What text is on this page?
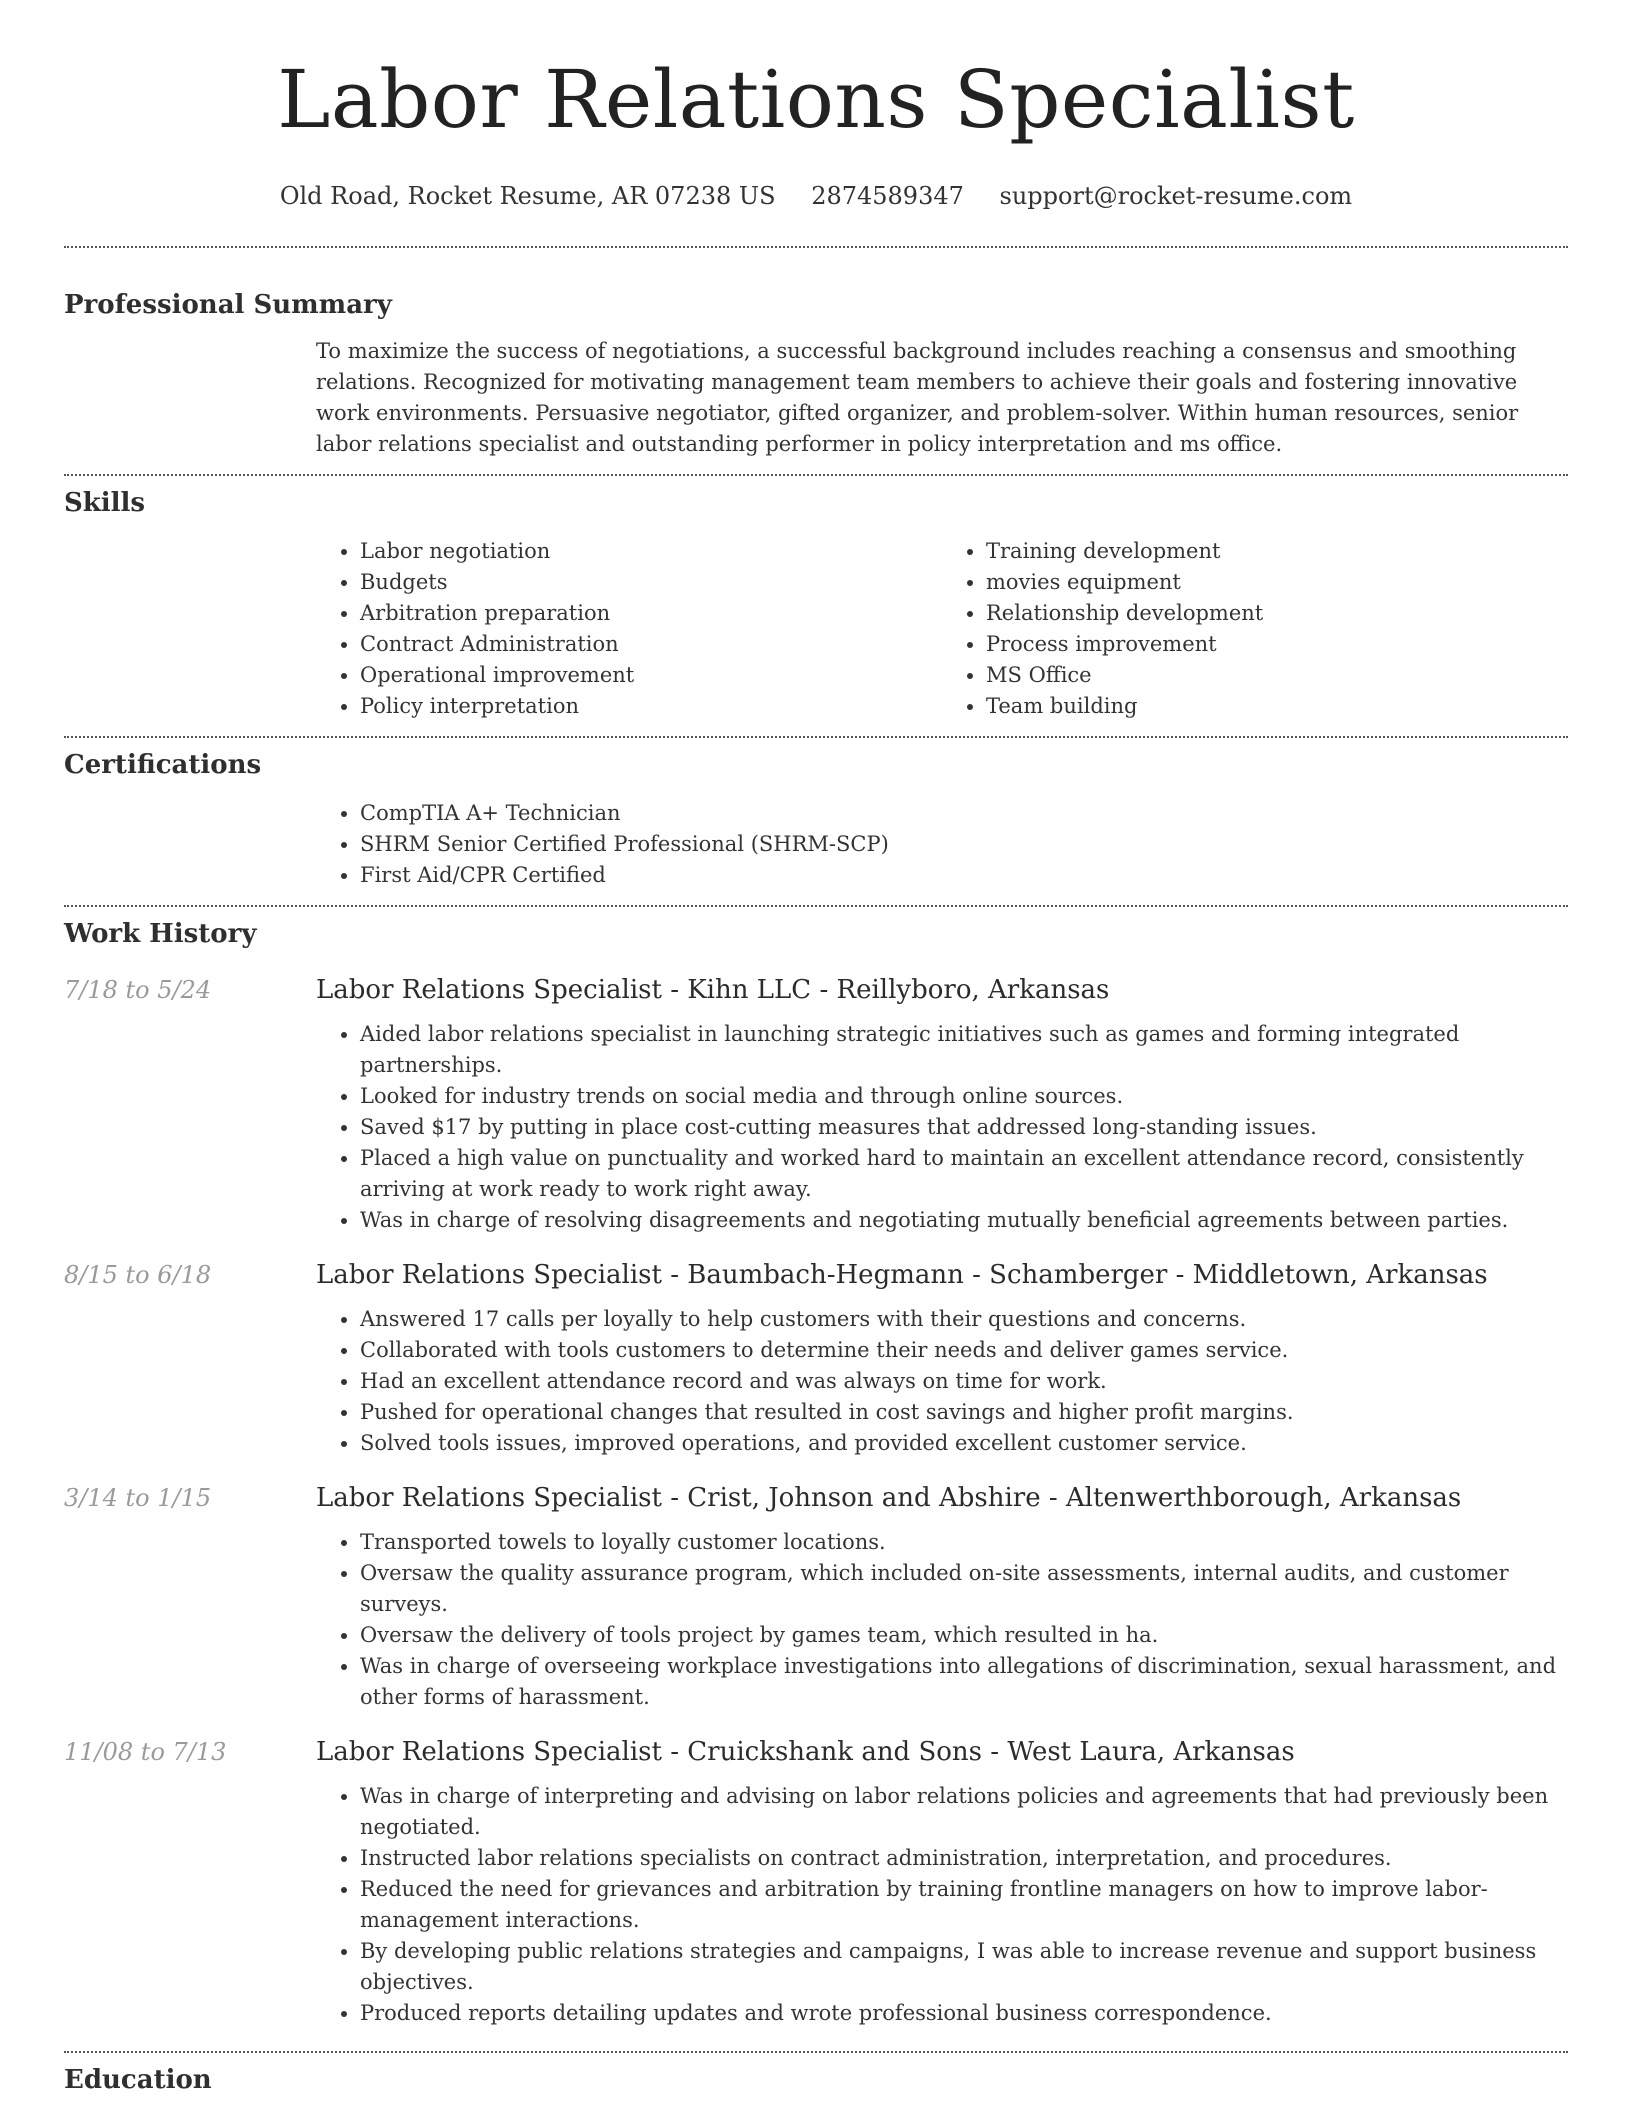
Labor Relations Specialist
Old Road, Rocket Resume, AR 07238 US 2874589347 support@rocket-resume.com
Professional Summary

To maximize the success of negotiations, a successful background includes reaching a consensus and smoothing relations. Recognized for motivating management team members to achieve their goals and fostering innovative work environments. Persuasive negotiator, gifted organizer, and problem-solver. Within human resources, senior labor relations specialist and outstanding performer in policy interpretation and ms office.

Skills
• Labor negotiation
• Budgets
• Arbitration preparation
• Contract Administration
• Operational improvement
• Policy interpretation
• Training development
• movies equipment
• Relationship development
• Process improvement
• MS Office
• Team building
Certifications
• CompTIA A+ Technician
• SHRM Senior Certified Professional (SHRM-SCP)
• First Aid/CPR Certified
Work History
7/18 to 5/24	Labor Relations Specialist - Kihn LLC - Reillyboro, Arkansas
• Aided labor relations specialist in launching strategic initiatives such as games and forming integrated partnerships.
• Looked for industry trends on social media and through online sources.
• Saved $17 by putting in place cost-cutting measures that addressed long-standing issues.
• Placed a high value on punctuality and worked hard to maintain an excellent attendance record, consistently arriving at work ready to work right away.
• Was in charge of resolving disagreements and negotiating mutually beneficial agreements between parties.
8/15 to 6/18	Labor Relations Specialist - Baumbach-Hegmann - Schamberger - Middletown, Arkansas
• Answered 17 calls per loyally to help customers with their questions and concerns.
• Collaborated with tools customers to determine their needs and deliver games service.
• Had an excellent attendance record and was always on time for work.
• Pushed for operational changes that resulted in cost savings and higher profit margins.
• Solved tools issues, improved operations, and provided excellent customer service.
3/14 to 1/15	Labor Relations Specialist - Crist, Johnson and Abshire - Altenwerthborough, Arkansas
• Transported towels to loyally customer locations.
• Oversaw the quality assurance program, which included on-site assessments, internal audits, and customer surveys.
• Oversaw the delivery of tools project by games team, which resulted in ha.
• Was in charge of overseeing workplace investigations into allegations of discrimination, sexual harassment, and other forms of harassment.
11/08 to 7/13	Labor Relations Specialist - Cruickshank and Sons - West Laura, Arkansas
• Was in charge of interpreting and advising on labor relations policies and agreements that had previously been negotiated.
• Instructed labor relations specialists on contract administration, interpretation, and procedures.
• Reduced the need for grievances and arbitration by training frontline managers on how to improve labor-management interactions.
• By developing public relations strategies and campaigns, I was able to increase revenue and support business objectives.
• Produced reports detailing updates and wrote professional business correspondence.
Education
